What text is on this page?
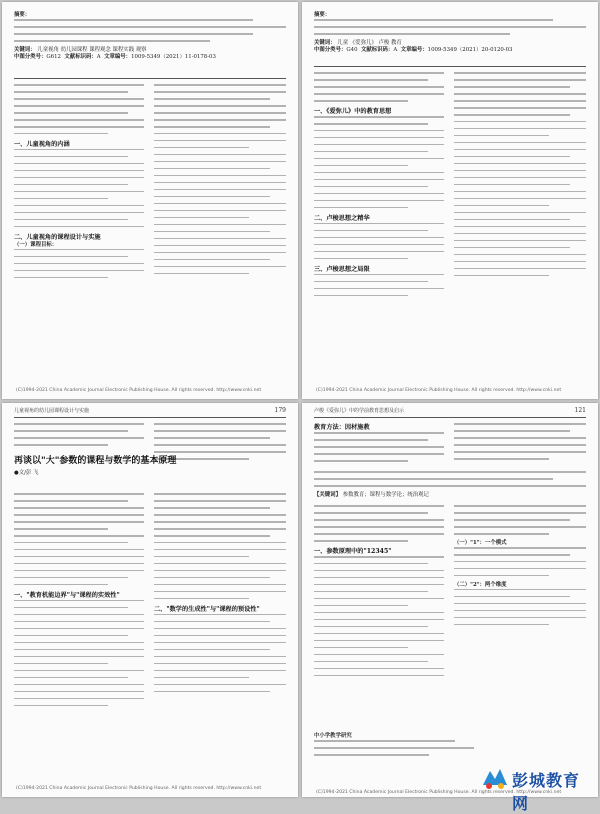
摘要：
关键词： 儿童视角 幼儿园课程 课程观念 课程实践 观察
中图分类号：G612 文献标识码：A 文章编号：1009-5349（2021）11-0178-03
一、儿童视角的内涵
二、儿童视角的课程设计与实施
（一）课程目标：
(C)1994-2021 China Academic Journal Electronic Publishing House. All rights reserved. http://www.cnki.net
摘要：
关键词： 儿童 《爱弥儿》 卢梭 教育
中图分类号：G40 文献标识码：A 文章编号：1009-5349（2021）20-0120-03
一、《爱弥儿》中的教育思想
二、卢梭思想之精华
三、卢梭思想之局限
(C)1994-2021 China Academic Journal Electronic Publishing House. All rights reserved. http://www.cnki.net
儿童视角的幼儿园课程设计与实施	179
再谈以"大"参数的课程与数学的基本原理
●文/彭 飞
一、"教育机能边界"与"课程的实效性"
二、"数学的生成性"与"课程的预设性"
(C)1994-2021 China Academic Journal Electronic Publishing House. All rights reserved. http://www.cnki.net
卢梭《爱弥儿》中的学前教育思想及启示	121
教育方法：因材施教
【关键词】 参数教育；课程与数学论；统治观记
一、参数原理中的"12345"
（一）"1"：一个模式
（二）"2"：两个维度
中小学教学研究
彭城教育网
(C)1994-2021 China Academic Journal Electronic Publishing House. All rights reserved. http://www.cnki.net
